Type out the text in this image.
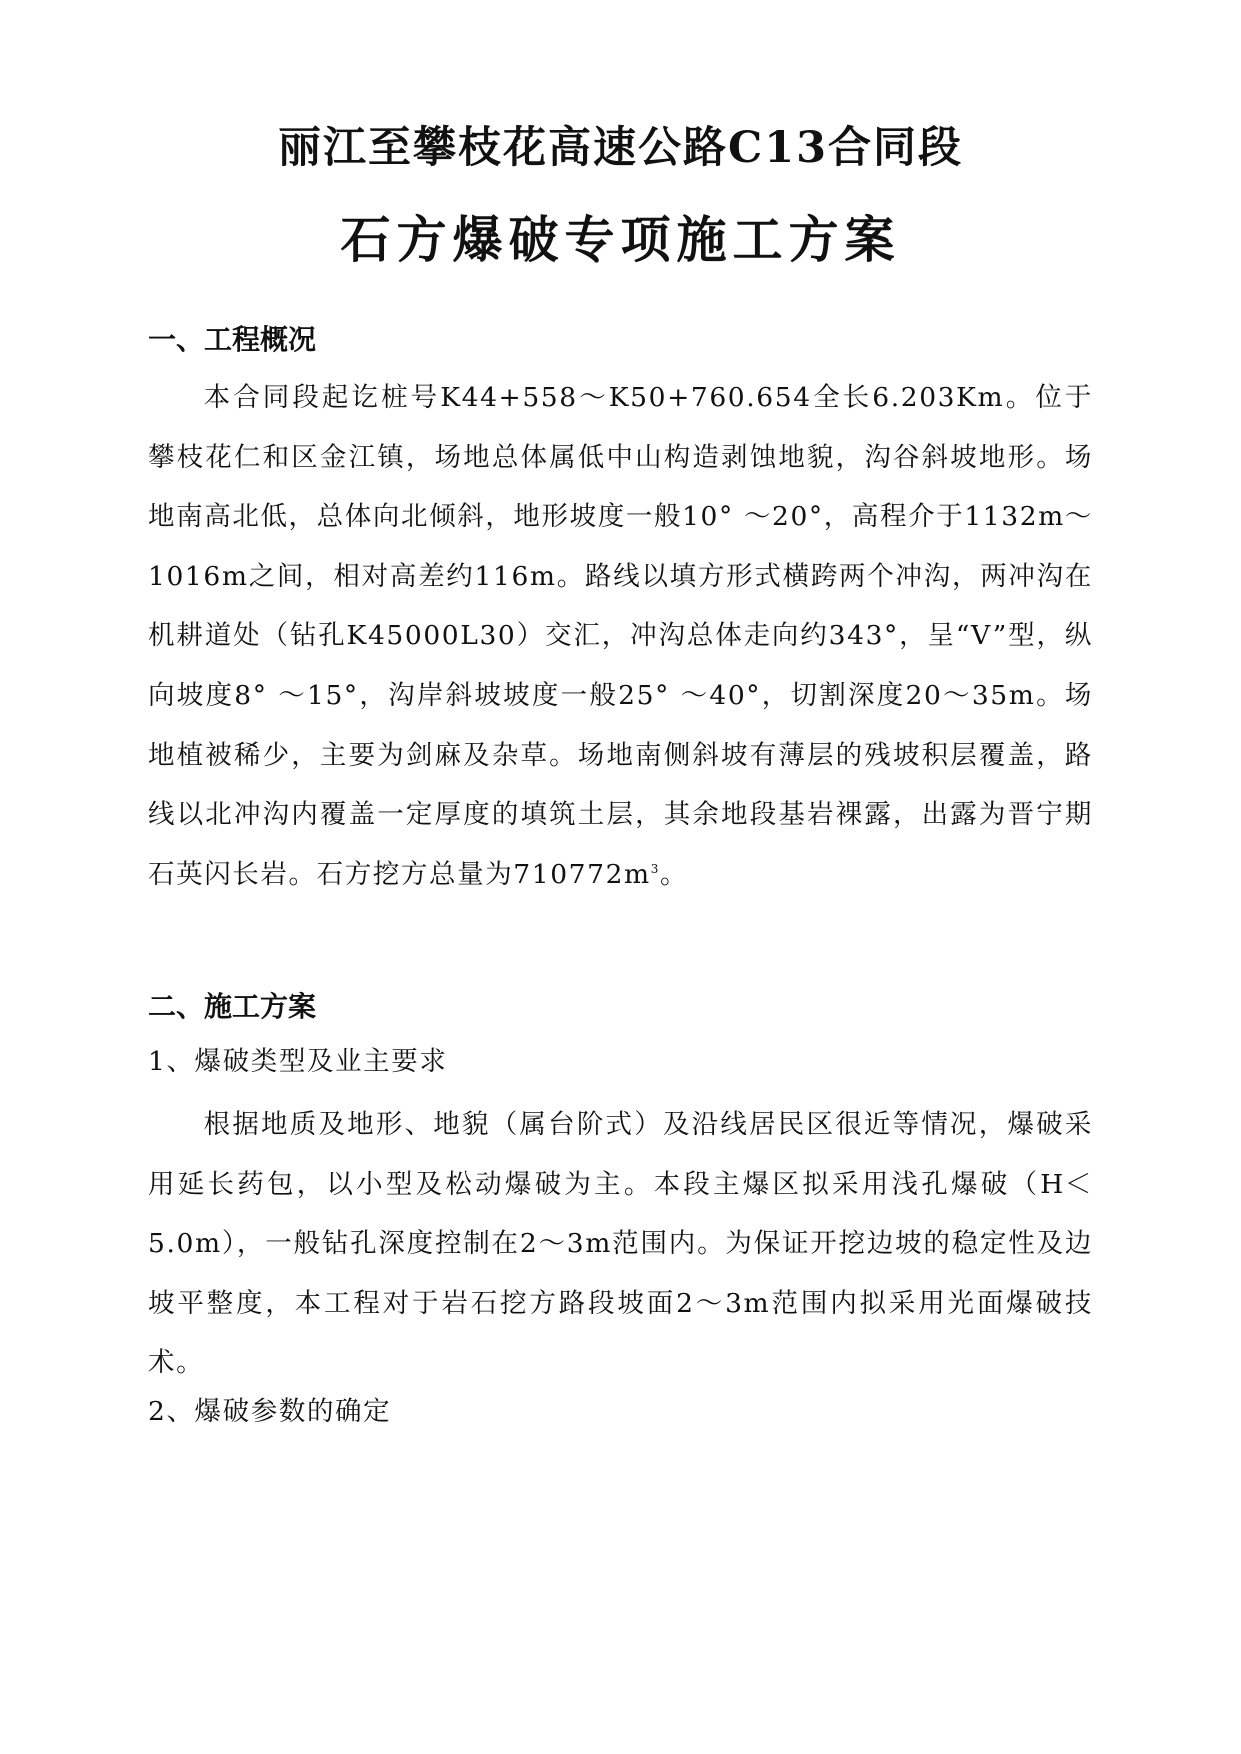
丽江至攀枝花高速公路C13合同段
石方爆破专项施工方案
一、工程概况
本合同段起讫桩号K44+558～K50+760.654全长6.203Km。位于攀枝花仁和区金江镇，场地总体属低中山构造剥蚀地貌，沟谷斜坡地形。场地南高北低，总体向北倾斜，地形坡度一般10° ～20°，高程介于1132m～1016m之间，相对高差约116m。路线以填方形式横跨两个冲沟，两冲沟在机耕道处（钻孔K45000L30）交汇，冲沟总体走向约343°，呈“V”型，纵向坡度8° ～15°，沟岸斜坡坡度一般25° ～40°，切割深度20～35m。场地植被稀少，主要为剑麻及杂草。场地南侧斜坡有薄层的残坡积层覆盖，路线以北冲沟内覆盖一定厚度的填筑土层，其余地段基岩裸露，出露为晋宁期石英闪长岩。石方挖方总量为$710772m^3$。
二、施工方案
1、爆破类型及业主要求
根据地质及地形、地貌（属台阶式）及沿线居民区很近等情况，爆破采用延长药包，以小型及松动爆破为主。本段主爆区拟采用浅孔爆破（H＜5.0m），一般钻孔深度控制在2～3m范围内。为保证开挖边坡的稳定性及边坡平整度，本工程对于岩石挖方路段坡面2～3m范围内拟采用光面爆破技术。
2、爆破参数的确定
